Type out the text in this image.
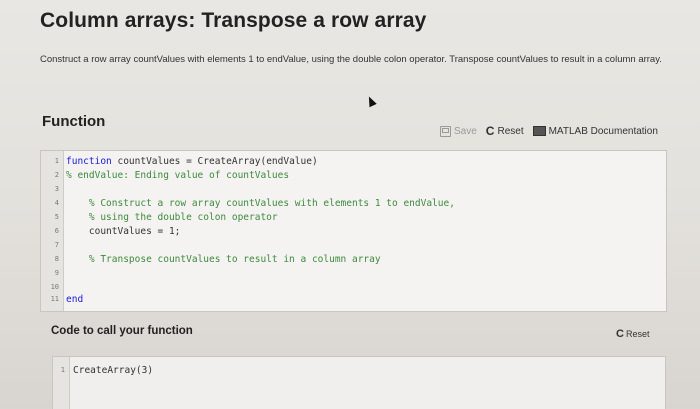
Column arrays: Transpose a row array
Construct a row array countValues with elements 1 to endValue, using the double colon operator. Transpose countValues to result in a column array.
Function
Save C Reset	MATLAB Documentation
1 function countValues = CreateArray(endValue)
2 % endValue: Ending value of countValues
3
4 % Construct a row array countValues with elements 1 to endValue,
5 % using the double colon operator
6 countValues = 1;
7
8 % Transpose countValues to result in a column array
9
10
11 end
Code to call your function	C Reset
1 CreateArray(3)
